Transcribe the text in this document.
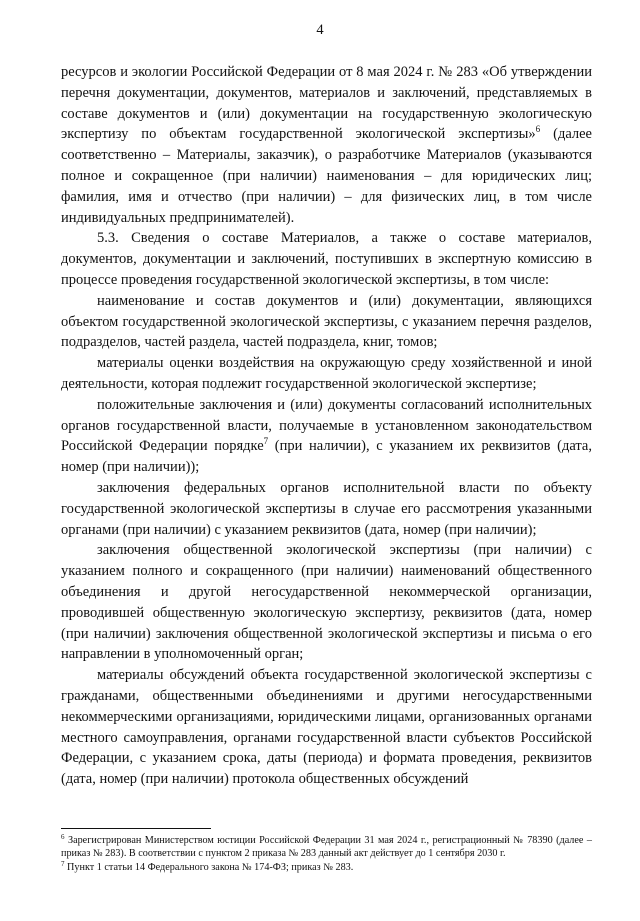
4

ресурсов и экологии Российской Федерации от 8 мая 2024 г. № 283 «Об утверждении перечня документации, документов, материалов и заключений, представляемых в составе документов и (или) документации на государственную экологическую экспертизу по объектам государственной экологической экспертизы»$^6$ (далее соответственно – Материалы, заказчик), о разработчике Материалов (указываются полное и сокращенное (при наличии) наименования – для юридических лиц; фамилия, имя и отчество (при наличии) – для физических лиц, в том числе индивидуальных предпринимателей).

5.3. Сведения о составе Материалов, а также о составе материалов, документов, документации и заключений, поступивших в экспертную комиссию в процессе проведения государственной экологической экспертизы, в том числе:

наименование и состав документов и (или) документации, являющихся объектом государственной экологической экспертизы, с указанием перечня разделов, подразделов, частей раздела, частей подраздела, книг, томов;

материалы оценки воздействия на окружающую среду хозяйственной и иной деятельности, которая подлежит государственной экологической экспертизе;

положительные заключения и (или) документы согласований исполнительных органов государственной власти, получаемые в установленном законодательством Российской Федерации порядке$^7$ (при наличии), с указанием их реквизитов (дата, номер (при наличии));

заключения федеральных органов исполнительной власти по объекту государственной экологической экспертизы в случае его рассмотрения указанными органами (при наличии) с указанием реквизитов (дата, номер (при наличии);

заключения общественной экологической экспертизы (при наличии) с указанием полного и сокращенного (при наличии) наименований общественного объединения и другой негосударственной некоммерческой организации, проводившей общественную экологическую экспертизу, реквизитов (дата, номер (при наличии) заключения общественной экологической экспертизы и письма о его направлении в уполномоченный орган;

материалы обсуждений объекта государственной экологической экспертизы с гражданами, общественными объединениями и другими негосударственными некоммерческими организациями, юридическими лицами, организованных органами местного самоуправления, органами государственной власти субъектов Российской Федерации, с указанием срока, даты (периода) и формата проведения, реквизитов (дата, номер (при наличии) протокола общественных обсуждений

$^6$ Зарегистрирован Министерством юстиции Российской Федерации 31 мая 2024 г., регистрационный № 78390 (далее – приказ № 283). В соответствии с пунктом 2 приказа № 283 данный акт действует до 1 сентября 2030 г.

$^7$ Пункт 1 статьи 14 Федерального закона № 174-ФЗ; приказ № 283.
